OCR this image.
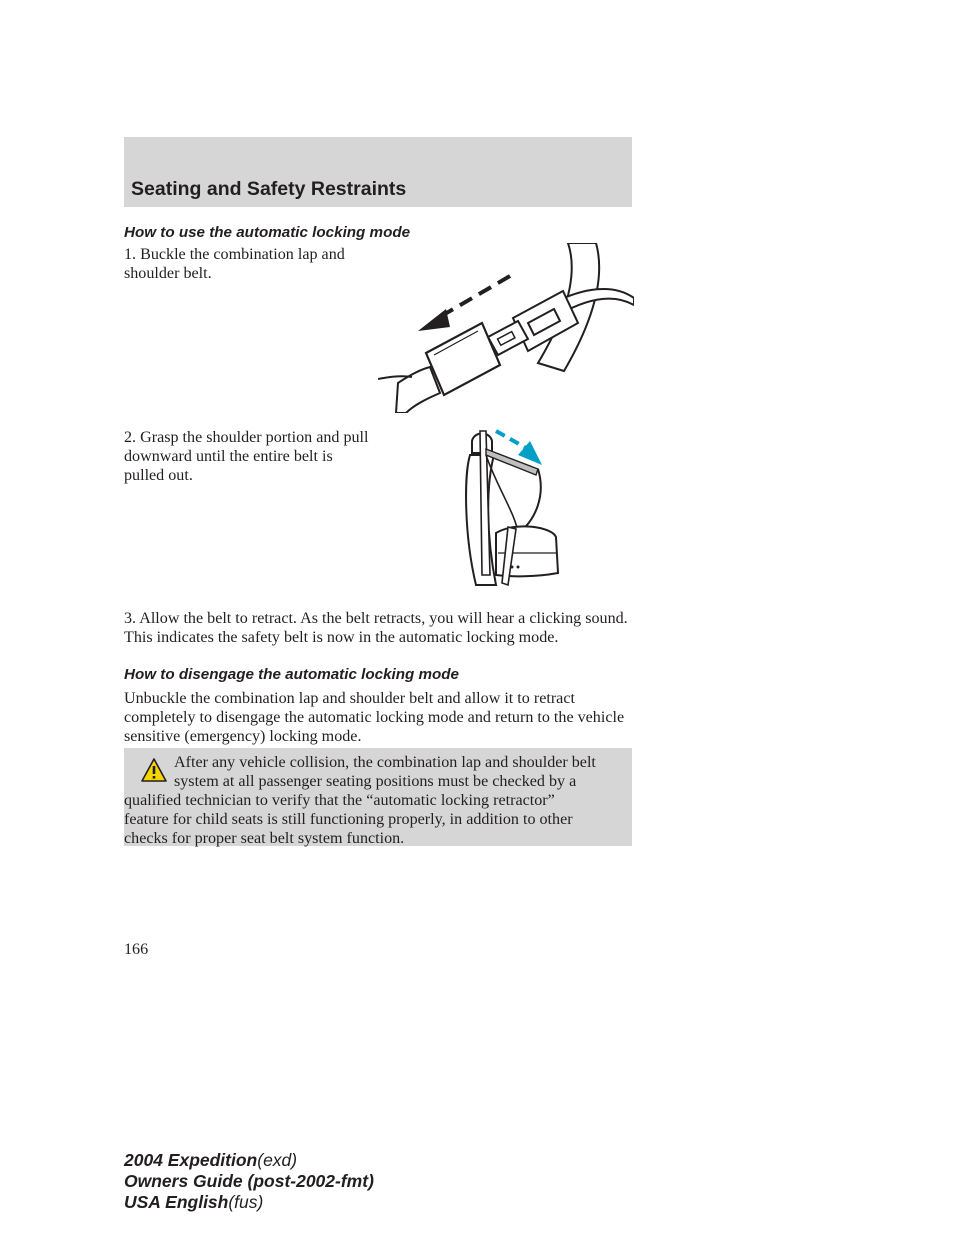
Seating and Safety Restraints
How to use the automatic locking mode

1. Buckle the combination lap and shoulder belt.

2. Grasp the shoulder portion and pull downward until the entire belt is pulled out.

3. Allow the belt to retract. As the belt retracts, you will hear a clicking sound. This indicates the safety belt is now in the automatic locking mode.

How to disengage the automatic locking mode

Unbuckle the combination lap and shoulder belt and allow it to retract completely to disengage the automatic locking mode and return to the vehicle sensitive (emergency) locking mode.

After any vehicle collision, the combination lap and shoulder belt
system at all passenger seating positions must be checked by a
qualified technician to verify that the “automatic locking retractor”
feature for child seats is still functioning properly, in addition to other
checks for proper seat belt system function.

166

2004 Expedition(exd)
Owners Guide (post-2002-fmt)
USA English(fus)
